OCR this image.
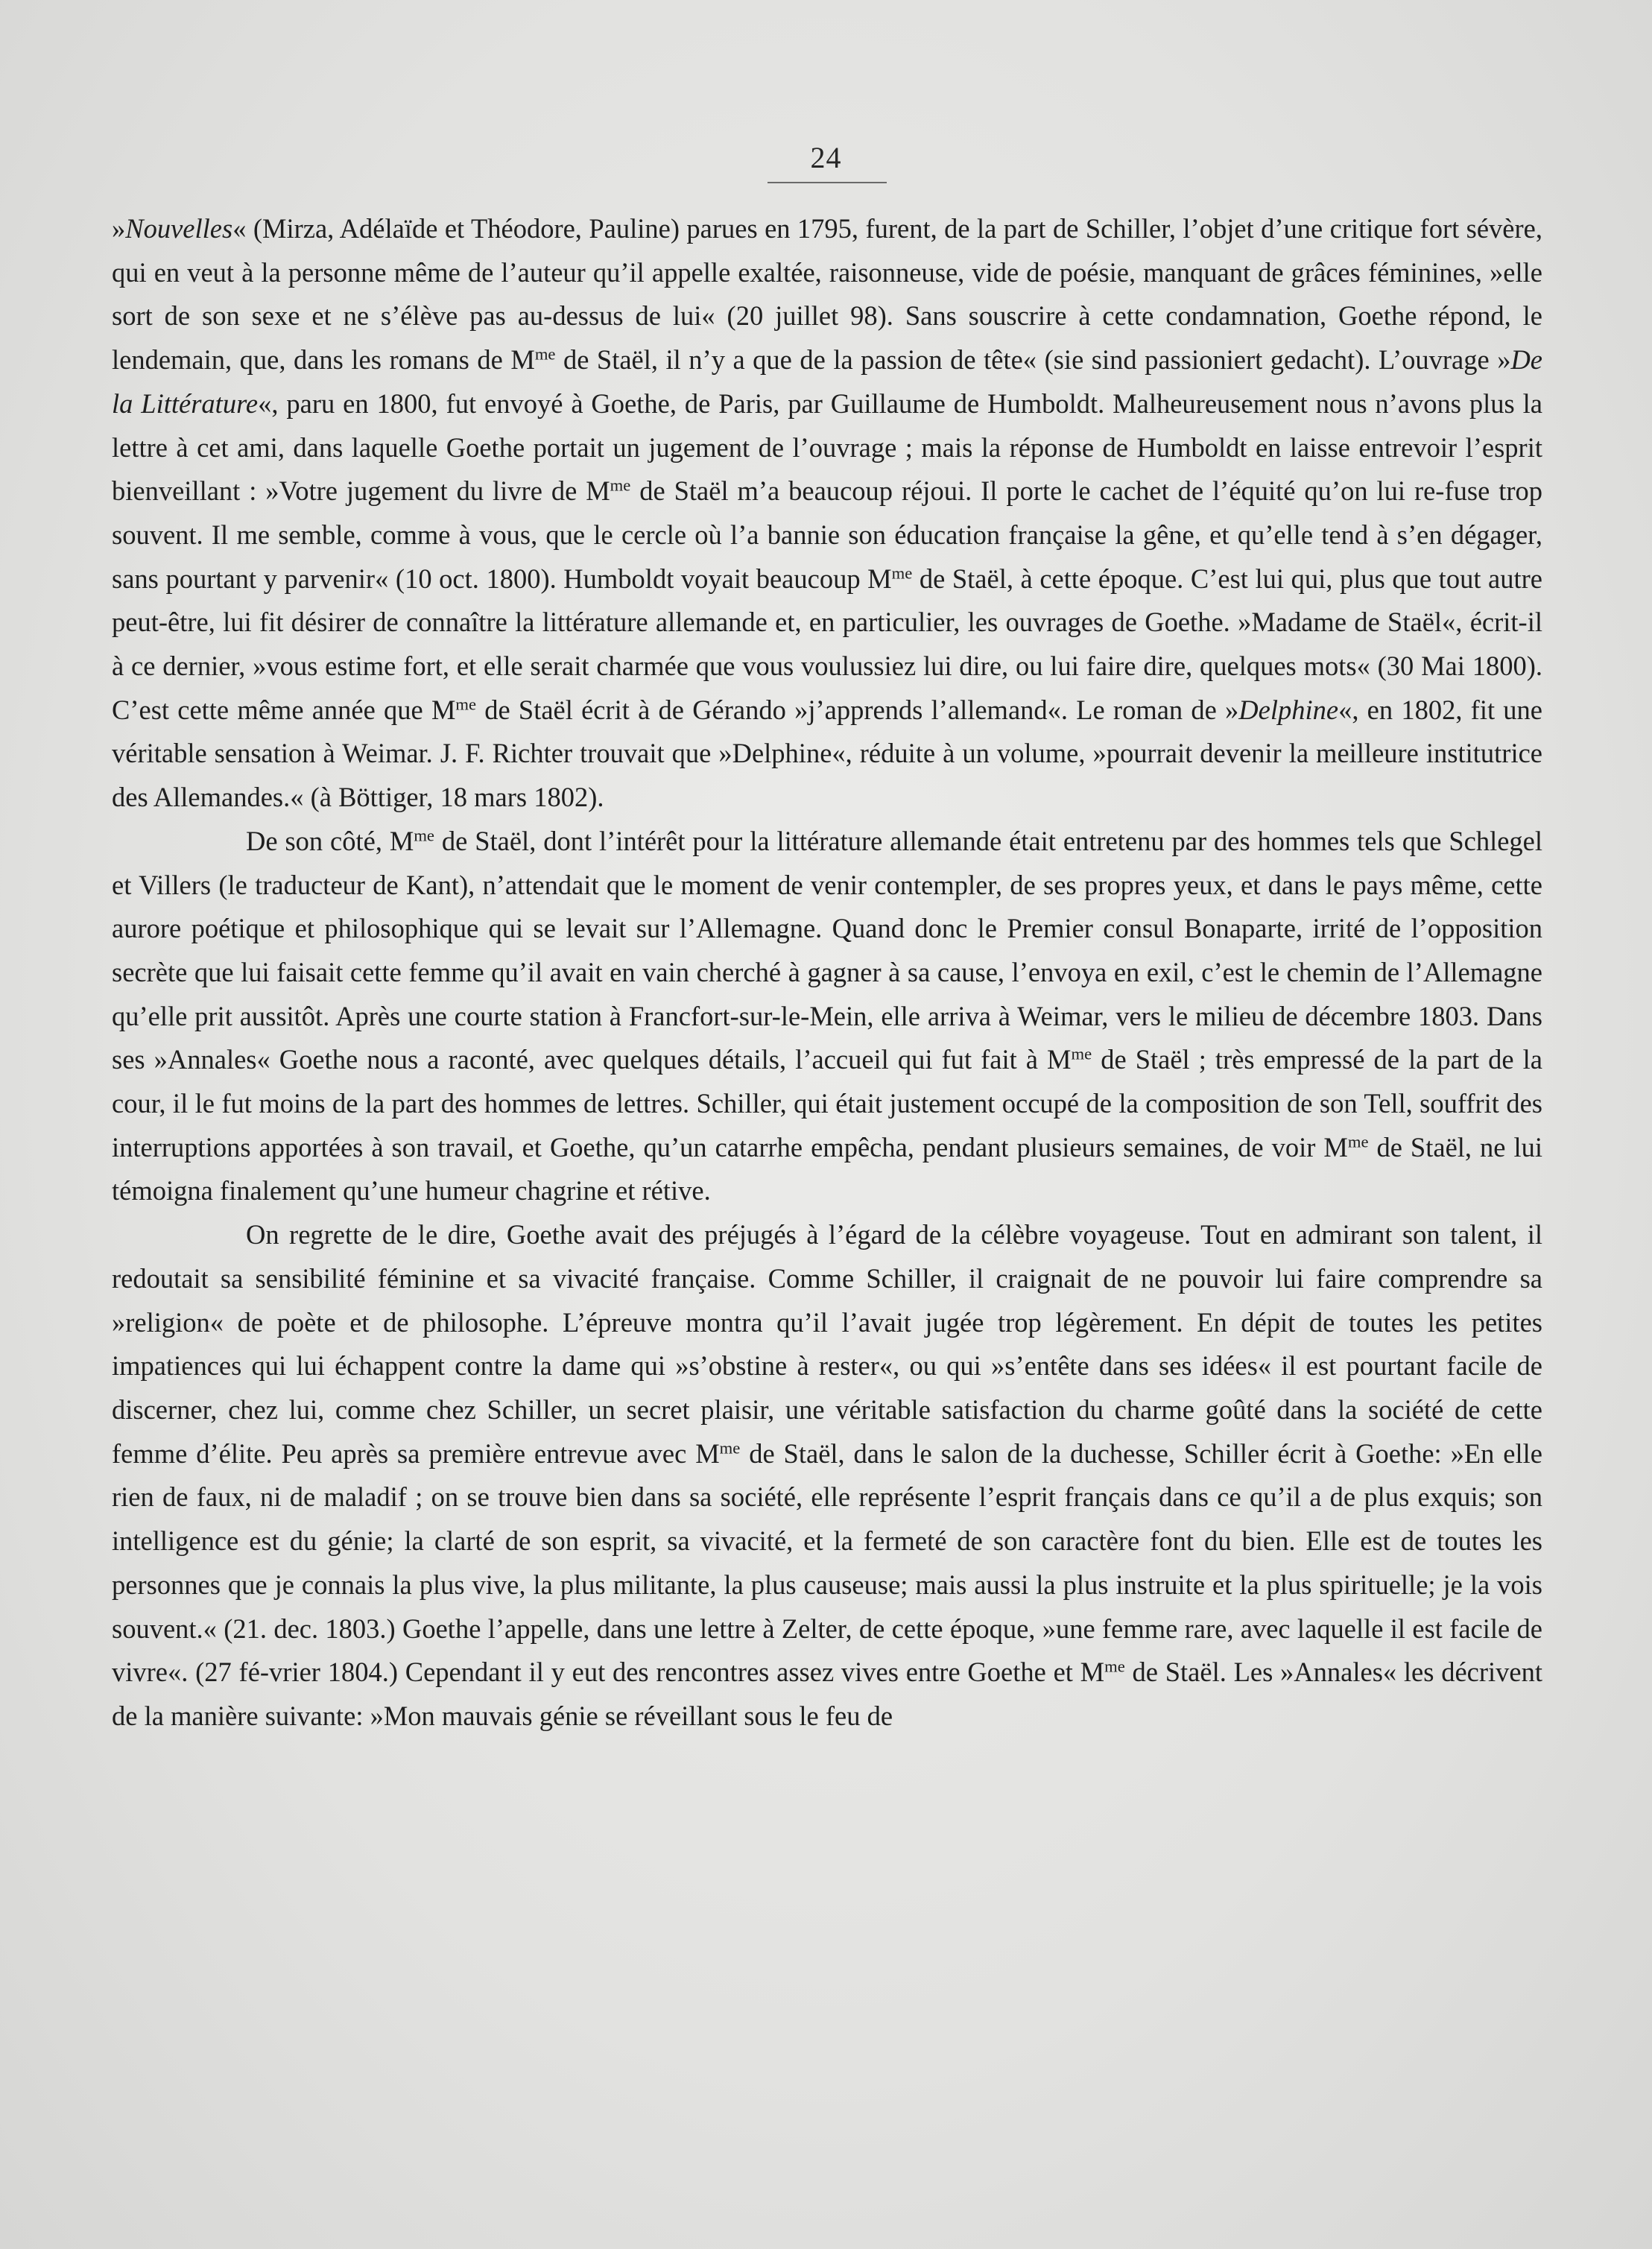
24

»Nouvelles« (Mirza, Adélaïde et Théodore, Pauline) parues en 1795, furent, de la part de Schiller, l’objet d’une critique fort sévère, qui en veut à la personne même de l’auteur qu’il appelle exaltée, raisonneuse, vide de poésie, manquant de grâces féminines, »elle sort de son sexe et ne s’élève pas au-dessus de lui« (20 juillet 98). Sans souscrire à cette condamnation, Goethe répond, le lendemain, que, dans les romans de $M^{me}$ de Staël, il n’y a que de la passion de tête« (sie sind passioniert gedacht). L’ouvrage »De la Littérature«, paru en 1800, fut envoyé à Goethe, de Paris, par Guillaume de Humboldt. Malheureusement nous n’avons plus la lettre à cet ami, dans laquelle Goethe portait un jugement de l’ouvrage ; mais la réponse de Humboldt en laisse entrevoir l’esprit bienveillant : »Votre jugement du livre de $M^{me}$ de Staël m’a beaucoup réjoui. Il porte le cachet de l’équité qu’on lui re-fuse trop souvent. Il me semble, comme à vous, que le cercle où l’a bannie son éducation française la gêne, et qu’elle tend à s’en dégager, sans pourtant y parvenir« (10 oct. 1800). Humboldt voyait beaucoup $M^{me}$ de Staël, à cette époque. C’est lui qui, plus que tout autre peut-être, lui fit désirer de connaître la littérature allemande et, en particulier, les ouvrages de Goethe. »Madame de Staël«, écrit-il à ce dernier, »vous estime fort, et elle serait charmée que vous voulussiez lui dire, ou lui faire dire, quelques mots« (30 Mai 1800). C’est cette même année que $M^{me}$ de Staël écrit à de Gérando »j’apprends l’allemand«. Le roman de »Delphine«, en 1802, fit une véritable sensation à Weimar. J. F. Richter trouvait que »Delphine«, réduite à un volume, »pourrait devenir la meilleure institutrice des Allemandes.« (à Böttiger, 18 mars 1802).

De son côté, $M^{me}$ de Staël, dont l’intérêt pour la littérature allemande était entretenu par des hommes tels que Schlegel et Villers (le traducteur de Kant), n’attendait que le moment de venir contempler, de ses propres yeux, et dans le pays même, cette aurore poétique et philosophique qui se levait sur l’Allemagne. Quand donc le Premier consul Bonaparte, irrité de l’opposition secrète que lui faisait cette femme qu’il avait en vain cherché à gagner à sa cause, l’envoya en exil, c’est le chemin de l’Allemagne qu’elle prit aussitôt. Après une courte station à Francfort-sur-le-Mein, elle arriva à Weimar, vers le milieu de décembre 1803. Dans ses »Annales« Goethe nous a raconté, avec quelques détails, l’accueil qui fut fait à $M^{me}$ de Staël ; très empressé de la part de la cour, il le fut moins de la part des hommes de lettres. Schiller, qui était justement occupé de la composition de son Tell, souffrit des interruptions apportées à son travail, et Goethe, qu’un catarrhe empêcha, pendant plusieurs semaines, de voir $M^{me}$ de Staël, ne lui témoigna finalement qu’une humeur chagrine et rétive.

On regrette de le dire, Goethe avait des préjugés à l’égard de la célèbre voyageuse. Tout en admirant son talent, il redoutait sa sensibilité féminine et sa vivacité française. Comme Schiller, il craignait de ne pouvoir lui faire comprendre sa »religion« de poète et de philosophe. L’épreuve montra qu’il l’avait jugée trop légèrement. En dépit de toutes les petites impatiences qui lui échappent contre la dame qui »s’obstine à rester«, ou qui »s’entête dans ses idées« il est pourtant facile de discerner, chez lui, comme chez Schiller, un secret plaisir, une véritable satisfaction du charme goûté dans la société de cette femme d’élite. Peu après sa première entrevue avec $M^{me}$ de Staël, dans le salon de la duchesse, Schiller écrit à Goethe: »En elle rien de faux, ni de maladif ; on se trouve bien dans sa société, elle représente l’esprit français dans ce qu’il a de plus exquis; son intelligence est du génie; la clarté de son esprit, sa vivacité, et la fermeté de son caractère font du bien. Elle est de toutes les personnes que je connais la plus vive, la plus militante, la plus causeuse; mais aussi la plus instruite et la plus spirituelle; je la vois souvent.« (21. dec. 1803.) Goethe l’appelle, dans une lettre à Zelter, de cette époque, »une femme rare, avec laquelle il est facile de vivre«. (27 fé-vrier 1804.) Cependant il y eut des rencontres assez vives entre Goethe et $M^{me}$ de Staël. Les »Annales« les décrivent de la manière suivante: »Mon mauvais génie se réveillant sous le feu de
